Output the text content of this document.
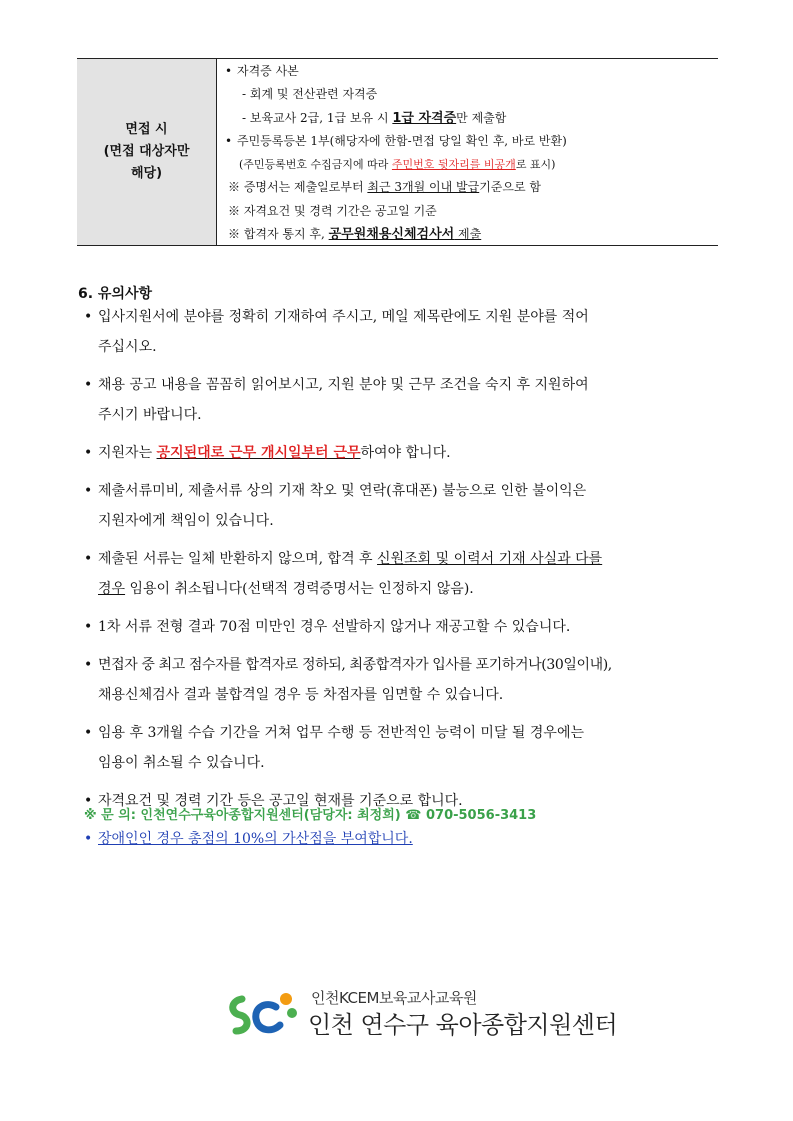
면접 시
(면접 대상자만
해당)
• 자격증 사본
- 회계 및 전산관련 자격증
- 보육교사 2급, 1급 보유 시 1급 자격증만 제출함
• 주민등록등본 1부(해당자에 한함-면접 당일 확인 후, 바로 반환)
(주민등록번호 수집금지에 따라 주민번호 뒷자리를 비공개로 표시)
※ 증명서는 제출일로부터 최근 3개월 이내 발급기준으로 함
※ 자격요건 및 경력 기간은 공고일 기준
※ 합격자 통지 후, 공무원채용신체검사서 제출
6. 유의사항
• 입사지원서에 분야를 정확히 기재하여 주시고, 메일 제목란에도 지원 분야를 적어
주십시오.
• 채용 공고 내용을 꼼꼼히 읽어보시고, 지원 분야 및 근무 조건을 숙지 후 지원하여
주시기 바랍니다.
• 지원자는 공지된대로 근무 개시일부터 근무하여야 합니다.
• 제출서류미비, 제출서류 상의 기재 착오 및 연락(휴대폰) 불능으로 인한 불이익은
지원자에게 책임이 있습니다.
• 제출된 서류는 일체 반환하지 않으며, 합격 후 신원조회 및 이력서 기재 사실과 다를
경우 임용이 취소됩니다(선택적 경력증명서는 인정하지 않음).
• 1차 서류 전형 결과 70점 미만인 경우 선발하지 않거나 재공고할 수 있습니다.
• 면접자 중 최고 점수자를 합격자로 정하되, 최종합격자가 입사를 포기하거나(30일이내),
채용신체검사 결과 불합격일 경우 등 차점자를 임면할 수 있습니다.
• 임용 후 3개월 수습 기간을 거쳐 업무 수행 등 전반적인 능력이 미달 될 경우에는
임용이 취소될 수 있습니다.
• 자격요건 및 경력 기간 등은 공고일 현재를 기준으로 합니다.
• 장애인인 경우 총점의 10%의 가산점을 부여합니다.
※ 문 의: 인천연수구육아종합지원센터(담당자: 최정희) ☎ 070-5056-3413
인천KCEM보육교사교육원
인천 연수구 육아종합지원센터
